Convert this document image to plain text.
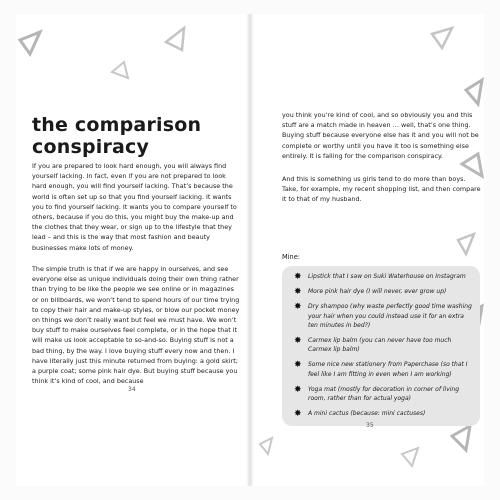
the comparison
conspiracy

If you are prepared to look hard enough, you will always find yourself lacking. In fact, even if you are not prepared to look hard enough, you will find yourself lacking. That’s because the world is often set up so that you find yourself lacking. It wants you to find yourself lacking. It wants you to compare yourself to others, because if you do this, you might buy the make-up and the clothes that they wear, or sign up to the lifestyle that they lead – and this is the way that most fashion and beauty businesses make lots of money.

The simple truth is that if we are happy in ourselves, and see everyone else as unique individuals doing their own thing rather than trying to be like the people we see online or in magazines or on billboards, we won’t tend to spend hours of our time trying to copy their hair and make-up styles, or blow our pocket money on things we don’t really want but feel we must have. We won’t buy stuff to make ourselves feel complete, or in the hope that it will make us look acceptable to so-and-so. Buying stuff is not a bad thing, by the way. I love buying stuff every now and then. I have literally just this minute returned from buying: a gold skirt; a purple coat; some pink hair dye. But buying stuff because you think it’s kind of cool, and because

34

you think you’re kind of cool, and so obviously you and this stuff are a match made in heaven … well, that’s one thing. Buying stuff because everyone else has it and you will not be complete or worthy until you have it too is something else entirely. It is falling for the comparison conspiracy.

And this is something us girls tend to do more than boys. Take, for example, my recent shopping list, and then compare it to that of my husband.

Mine:
✸ Lipstick that I saw on Suki Waterhouse on Instagram
✸ More pink hair dye (I will never, ever grow up)
✸ Dry shampoo (why waste perfectly good time washing your hair when you could instead use it for an extra ten minutes in bed?)
✸ Carmex lip balm (you can never have too much Carmex lip balm)
✸ Some nice new stationery from Paperchase (so that I feel like I am fitting in even when I am working)
✸ Yoga mat (mostly for decoration in corner of living room, rather than for actual yoga)
✸ A mini cactus (because: mini cactuses)
35
